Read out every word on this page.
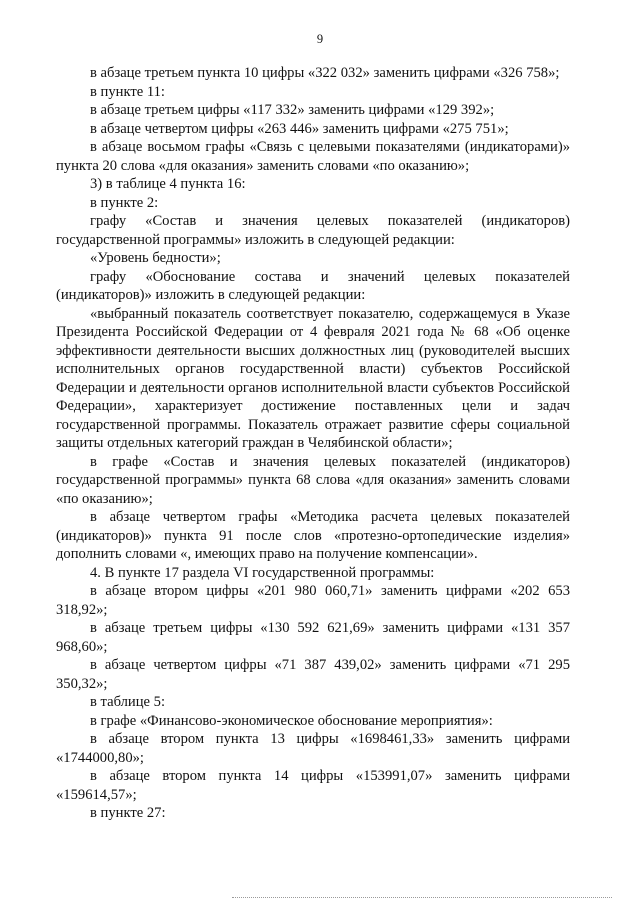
9

в абзаце третьем пункта 10 цифры «322 032» заменить цифрами «326 758»;

в пункте 11:

в абзаце третьем цифры «117 332» заменить цифрами «129 392»;

в абзаце четвертом цифры «263 446» заменить цифрами «275 751»;

в абзаце восьмом графы «Связь с целевыми показателями (индикаторами)» пункта 20 слова «для оказания» заменить словами «по оказанию»;

3) в таблице 4 пункта 16:

в пункте 2:

графу «Состав и значения целевых показателей (индикаторов) государственной программы» изложить в следующей редакции:

«Уровень бедности»;

графу «Обоснование состава и значений целевых показателей (индикаторов)» изложить в следующей редакции:

«выбранный показатель соответствует показателю, содержащемуся в Указе Президента Российской Федерации от 4 февраля 2021 года № 68 «Об оценке эффективности деятельности высших должностных лиц (руководителей высших исполнительных органов государственной власти) субъектов Российской Федерации и деятельности органов исполнительной власти субъектов Российской Федерации», характеризует достижение поставленных цели и задач государственной программы. Показатель отражает развитие сферы социальной защиты отдельных категорий граждан в Челябинской области»;

в графе «Состав и значения целевых показателей (индикаторов) государственной программы» пункта 68 слова «для оказания» заменить словами «по оказанию»;

в абзаце четвертом графы «Методика расчета целевых показателей (индикаторов)» пункта 91 после слов «протезно-ортопедические изделия» дополнить словами «, имеющих право на получение компенсации».

4. В пункте 17 раздела VI государственной программы:

в абзаце втором цифры «201 980 060,71» заменить цифрами «202 653 318,92»;

в абзаце третьем цифры «130 592 621,69» заменить цифрами «131 357 968,60»;

в абзаце четвертом цифры «71 387 439,02» заменить цифрами «71 295 350,32»;

в таблице 5:

в графе «Финансово-экономическое обоснование мероприятия»:

в абзаце втором пункта 13 цифры «1698461,33» заменить цифрами «1744000,80»;

в абзаце втором пункта 14 цифры «153991,07» заменить цифрами «159614,57»;

в пункте 27:
